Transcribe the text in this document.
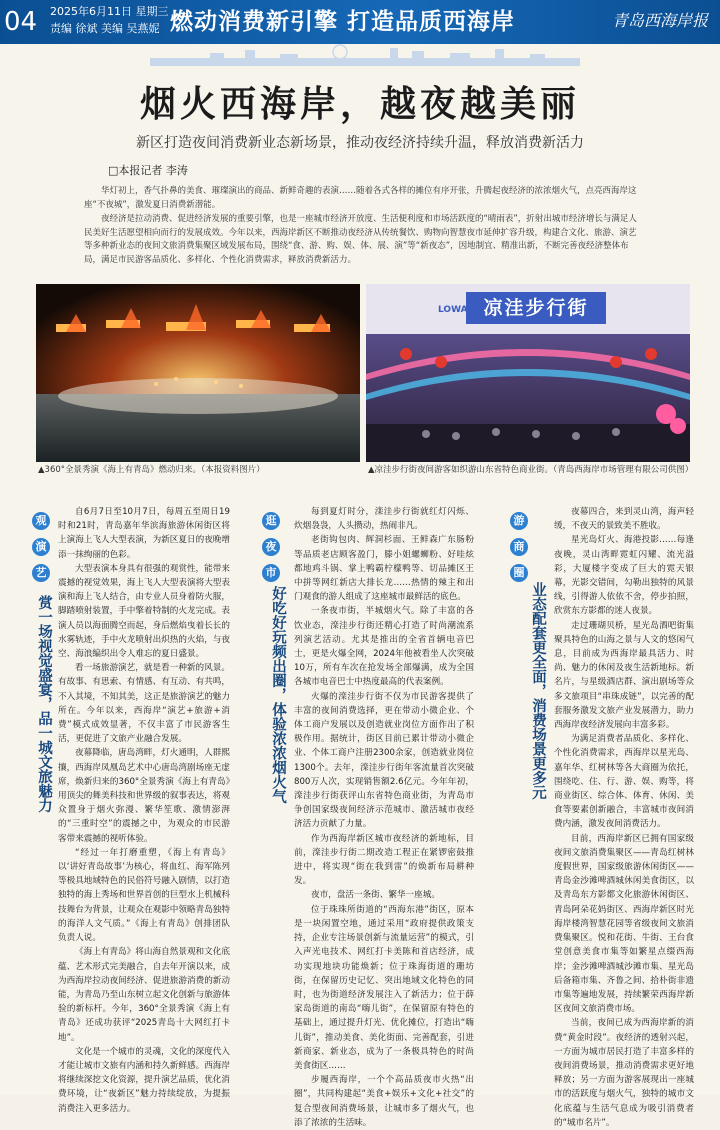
04	2025年6月11日 星期三
责编 徐斌 美编 吴燕妮 燃动消费新引擎 打造品质西海岸	青岛西海岸报
烟火西海岸，越夜越美丽
新区打造夜间消费新业态新场景，推动夜经济持续升温，释放消费新活力
□本报记者 李涛

华灯初上，香气扑鼻的美食、璀璨演出的商品、新鲜奇趣的表演……随着各式各样的摊位有序开张，升腾起夜经济的浓浓烟火气，点亮西海岸这座“不夜城”，激发夏日消费新潜能。

夜经济是拉动消费、促进经济发展的重要引擎，也是一座城市经济开放度、生活便利度和市场活跃度的“晴雨表”，折射出城市经济增长与满足人民美好生活愿望相向而行的发展成效。今年以来，西海岸新区不断推动夜经济从传统餐饮、购物向智慧夜市延伸扩容升级，构建合文化、旅游、演艺等多种新业态的夜间文旅消费集聚区域发展布局，围绕“食、游、购、娱、体、展、演”等“新夜态”，因地制宜、精准出新，不断完善夜经济整体布局，满足市民游客品质化、多样化、个性化消费需求，释放消费新活力。

凉洼步行街
LOWA
▲360°全景秀演《海上有青岛》燃动归来。（本报资料图片）	▲凉洼步行街夜间游客如织游山东省特色商业街。（青岛西海岸市场管理有限公司供图）
观
演
艺
赏一场视觉盛宴，品一城文旅魅力

自6月7日至10月7日，每周五至周日19时和21时，青岛嘉年华滨海旅游休闲街区将上演海上飞人大型表演，为新区夏日的夜晚增添一抹绚丽的色彩。

大型表演本身具有很强的观赏性，能带来震撼的视觉效果，海上飞人大型表演将大型表演和海上飞人结合，由专业人员身着防火服，脚踏喷射装置，手中擎着特制的火龙完成。表演人员以海面腾空而起，身后燃焰曳着长长的水雾轨迹，手中火龙喷射出炽热的火焰，与夜空、海浪编织出令人难忘的夏日盛景。

看一场旅游演艺，就是看一种新的风景。有故事、有思索、有情感、有互动、有共鸣，不入其境，不知其美，这正是旅游演艺的魅力所在。今年以来，西海岸“演艺+旅游+消费”模式成效显著，不仅丰富了市民游客生活，更促进了文旅产业融合发展。

夜幕降临，唐岛湾畔，灯火通明，人群熙攘，西海岸凤凰岛艺术中心唐岛湾剧场座无虚席，焕新归来的360°全景秀演《海上有青岛》用顶尖的舞美科技和世界级的叙事表达，将观众置身于烟火弥漫、繁华笙歌、激情澎湃的“三重时空”的震撼之中，为观众的市民游客带来震撼的视听体验。

“经过一年打磨重塑，《海上有青岛》以‘讲好青岛故事’为核心，将血红、海军陈列等极具地域特色的民俗符号融入剧情，以打造独特的海上秀场和世界首创的巨型水上机械科技舞台为背景，让观众在观影中领略青岛独特的海洋人文气质。”《海上有青岛》创排团队负责人说。

《海上有青岛》将山海自然景观和文化底蕴、艺术形式完美融合，自去年开演以来，成为西海岸拉动夜间经济、促进旅游消费的新动能，为青岛乃至山东树立起文化创新与旅游体验的新标杆。今年，360°全景秀演《海上有青岛》还成功获评“2025青岛十大网红打卡地”。

文化是一个城市的灵魂，文化的深度代入才能让城市文旅有内涵和持久新鲜感。西海岸将继续深挖文化资源，提升演艺品质，优化消费环境，让“夜新区”魅力持续绽放，为提振消费注入更多活力。

逛
夜
市
好吃好玩频出圈，体验浓浓烟火气

每到夏灯时分，滦洼步行街就红灯闪烁、炊烟袅袅，人头攒动，热闹非凡。

老街钩包肉、辉洞杉面、王鲜森广东肠粉等品质老店顾客盈门，滕小姐螺蛳粉、好哇炫都地鸡斗锅、掌上鸭霸柠檬鸭等、切品摊区王中拼等网红新店大排长龙……热情的辣主和出门观食的游人组成了这座城市最鲜活的底色。

一条夜市街，半城烟火气。除了丰富的各饮业态，滦洼步行街还精心打造了时尚潮流系列演艺活动。尤其是推出的全省首辆电音巴士，更是火爆全网，2024年他被看坐人次突破10万，所有车次在抢发场全部爆满，成为全国各城市电音巴士中热度最高的代表案例。

火爆的滦洼步行街不仅为市民游客提供了丰富的夜间消费选择，更在带动小微企业、个体工商户发展以及创造就业岗位方面作出了积极作用。据统计，街区目前已累计带动小微企业、个体工商户注册2300余家，创造就业岗位1300个。去年，滦洼步行街年客流量首次突破800万人次，实现销售额2.6亿元。今年年初，滦洼步行街获评山东省特色商业街，为青岛市争创国家级夜间经济示范城市、激活城市夜经济活力贡献了力量。

作为西海岸新区城市夜经济的新地标，目前，滦洼步行街二期改造工程正在紧锣密鼓推进中，将实现“街在我到雷”的焕新布局耕种发。

夜市，盘活一条街、繁华一座城。

位于珠珠所街道的“西海东港”街区，原本是一块闲置空地，通过采用“政府提供政策支持，企业专注场景创新与流量运营”的模式，引入声光电技术、网红打卡美陈和首店经济，成功实现地块功能焕新；位于珠海街道的珊坊街，在保留历史记忆、突出地域文化特色的同时，也为街道经济发展注入了新活力；位于薛家岛街道的南岛“嗨儿街”，在保留原有特色的基础上，通过提升灯光、优化摊位，打造出“嗨儿街”，推动美食、美化街面、完善配套，引进新商家、新业态，成为了一条极具特色的时尚美食街区……

步履西海岸，一个个高品质夜市火热“出圈”，共同构建起“美食+娱乐+文化+社交”的复合型夜间消费场景，让城市多了烟火气，也添了浓浓的生活味。

游
商
圈
业态配套更全面，消费场景更多元

夜幕四合，来到灵山湾，海声轻缓，不夜天的景致美不胜收。

星光岛灯火、海港投影……每逢夜晚，灵山湾畔霓虹闪耀、流光溢彩，大厦楼字变成了巨大的霓天银幕，光影交错间，勾勒出独特的风景线，引得游人依依不舍，停步拍照，欣赏东方影都的迷人夜景。

走过珊瑚贝桥，星光岛酒吧街集聚具特色的山海之景与人文的悠闲气息，目前成为西海岸最具活力、时尚、魅力的休闲及夜生活新地标。新名片，与星级酒店群、演出剧场等众多文旅项目“串珠成链”，以完善的配套服务激发文旅产业发展潜力，助力西海岸夜经济发展向丰富多彩。

为满足消费者品质化、多样化、个性化消费需求，西海岸以星光岛、嘉年华、红树林等各大商圈为依托，围绕吃、住、行、游、娱、购等，将商业街区、综合体、体育、休闲、美食等要素创新融合，丰富城市夜间消费内涵，激发夜间消费活力。

目前，西海岸新区已拥有国家级夜间文旅消费集聚区——青岛红树林度假世界，国家级旅游休闲街区——青岛金沙滩啤酒城休闲美食街区，以及青岛东方影都文化旅游休闲街区、青岛阿朵花妈街区、西海岸新区时光海岸楼湾智慧花园等省级夜间文旅消费集聚区。悦和花街、牛街、王台食堂创意美食市集等如繁星点缀西海岸；金沙滩啤酒城沙滩市集、星光岛后备箱市集、齐鲁之间、拾朴街非遗市集等遍地发展，持续繁荣西海岸新区夜间文旅消费市场。

当前，夜间已成为西海岸新的消费“黄金时段”。夜经济的透射兴起，一方面为城市居民打造了丰富多样的夜间消费场景，推动消费需求更好地释放；另一方面为游客展现出一座城市的活跃度与烟火气，独特的城市文化底蕴与生活气息成为吸引消费者的“城市名片”。
